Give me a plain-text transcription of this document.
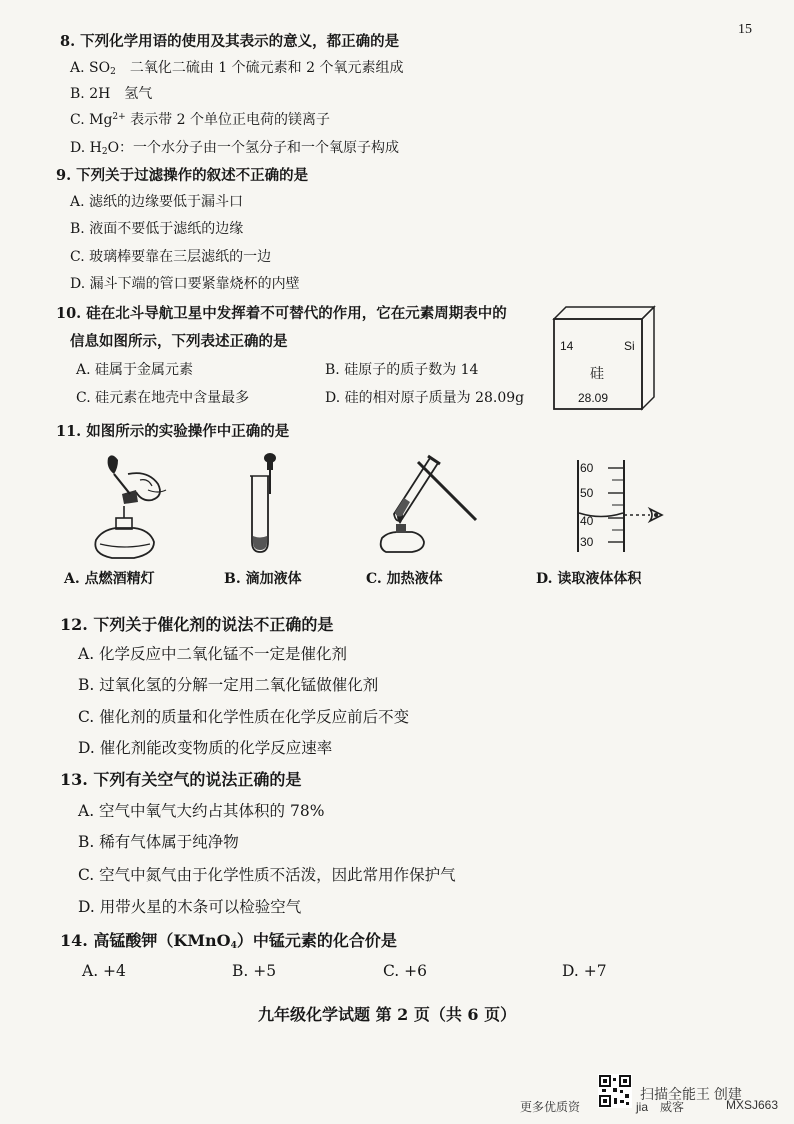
15
8. 下列化学用语的使用及其表示的意义，都正确的是
A. $SO_2$　二氧化二硫由 1 个硫元素和 2 个氧元素组成
B. 2H　氢气
C. $Mg^{2+}$ 表示带 2 个单位正电荷的镁离子
D. $H_2O$：一个水分子由一个氢分子和一个氧原子构成
9. 下列关于过滤操作的叙述不正确的是
A. 滤纸的边缘要低于漏斗口
B. 液面不要低于滤纸的边缘
C. 玻璃棒要靠在三层滤纸的一边
D. 漏斗下端的管口要紧靠烧杯的内壁
10. 硅在北斗导航卫星中发挥着不可替代的作用，它在元素周期表中的
信息如图所示，下列表述正确的是
A. 硅属于金属元素	B. 硅原子的质子数为 14
C. 硅元素在地壳中含量最多	D. 硅的相对原子质量为 28.09g
14	Si
硅
28.09
11. 如图所示的实验操作中正确的是
60
50
40
30
A. 点燃酒精灯	B. 滴加液体	C. 加热液体	D. 读取液体体积
12. 下列关于催化剂的说法不正确的是
A. 化学反应中二氧化锰不一定是催化剂
B. 过氧化氢的分解一定用二氧化锰做催化剂
C. 催化剂的质量和化学性质在化学反应前后不变
D. 催化剂能改变物质的化学反应速率
13. 下列有关空气的说法正确的是
A. 空气中氧气大约占其体积的 78%
B. 稀有气体属于纯净物
C. 空气中氮气由于化学性质不活泼，因此常用作保护气
D. 用带火星的木条可以检验空气
14. 高锰酸钾（KMnO$_4$）中锰元素的化合价是
A. +4	B. +5	C. +6	D. +7
九年级化学试题 第 2 页（共 6 页）
扫描全能王 创建
更多优质资	jia　威客	MXSJ663
